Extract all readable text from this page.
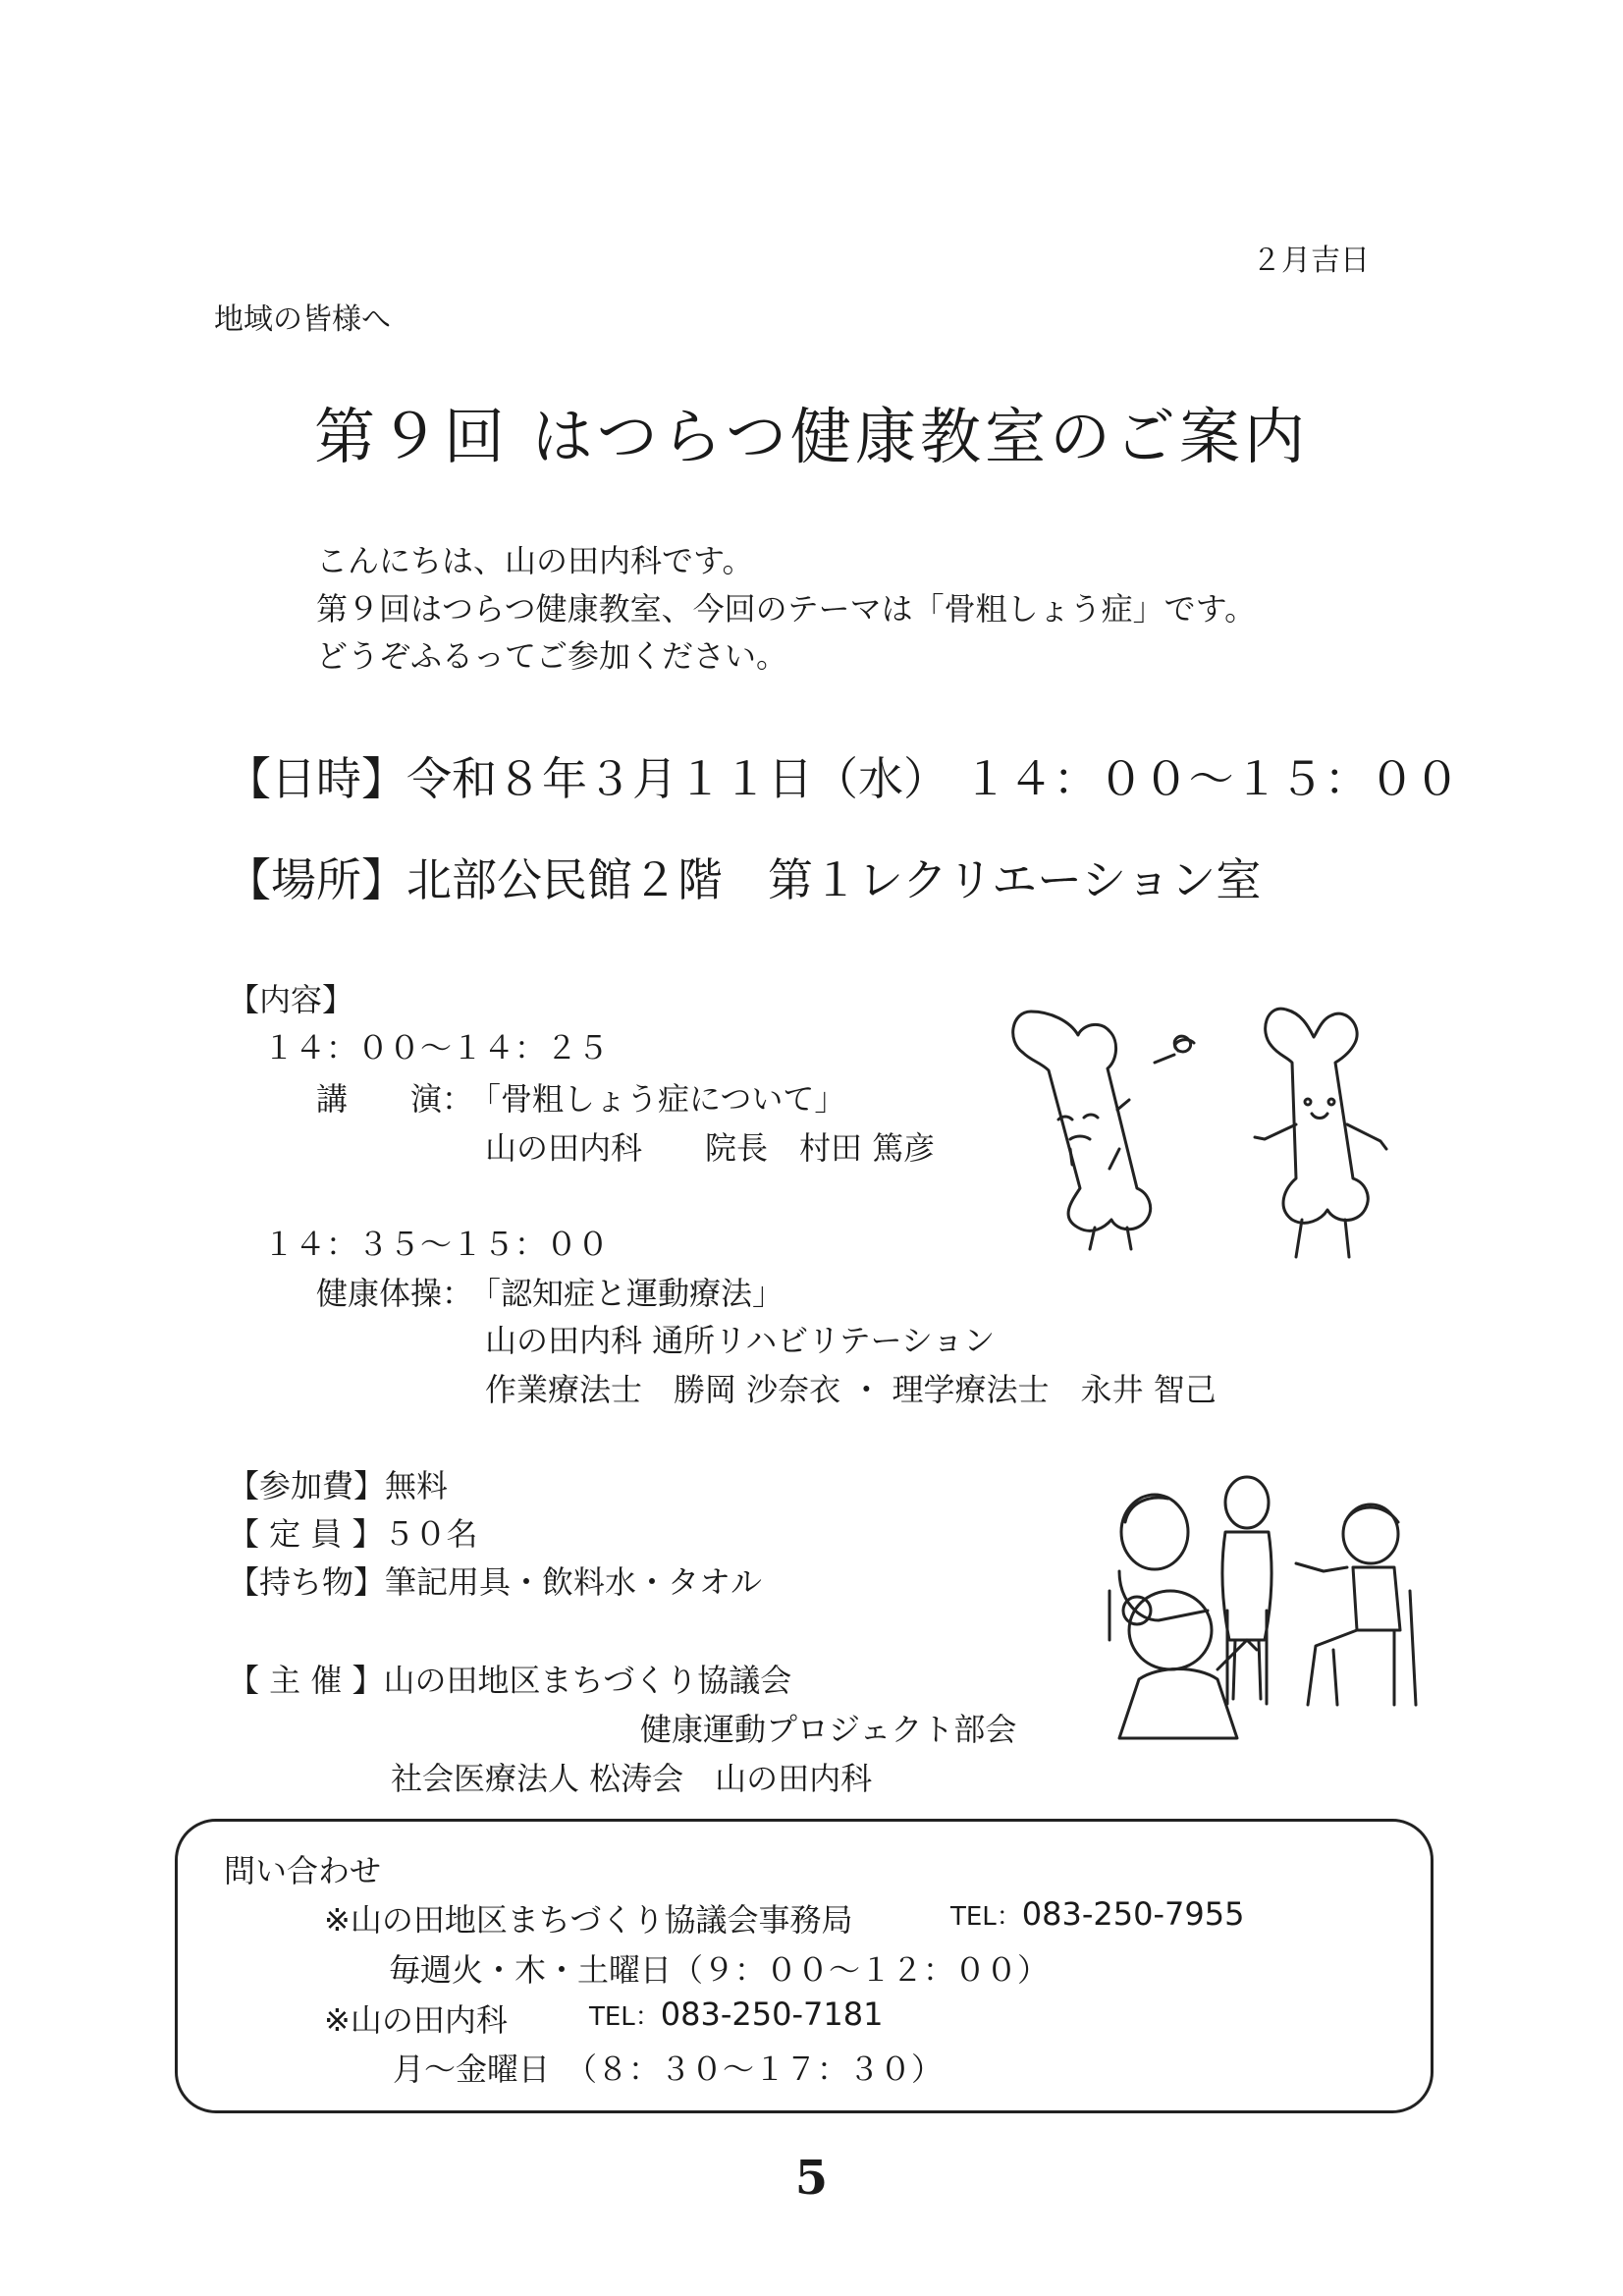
２月吉日
地域の皆様へ
第９回 はつらつ健康教室のご案内
こんにちは、山の田内科です。
第９回はつらつ健康教室、今回のテーマは「骨粗しょう症」です。
どうぞふるってご参加ください。
【日時】令和８年３月１１日（水） １４：００〜１５：００
【場所】北部公民館２階　第１レクリエーション室
【内容】
１４：００〜１４：２５
講　　演：
「骨粗しょう症について」
山の田内科　　院長　村田 篤彦
１４：３５〜１５：００
健康体操：
「認知症と運動療法」
山の田内科 通所リハビリテーション
作業療法士　勝岡 沙奈衣 ・ 理学療法士　永井 智己
【参加費】無料
【 定 員 】５０名
【持ち物】筆記用具・飲料水・タオル
【 主 催 】山の田地区まちづくり協議会
健康運動プロジェクト部会
社会医療法人 松涛会　山の田内科
問い合わせ
※山の田地区まちづくり協議会事務局	TEL：083-250-7955
毎週火・木・土曜日（９：００〜１２：００）
※山の田内科	TEL：083-250-7181
月〜金曜日　（８：３０〜１７：３０）
5
